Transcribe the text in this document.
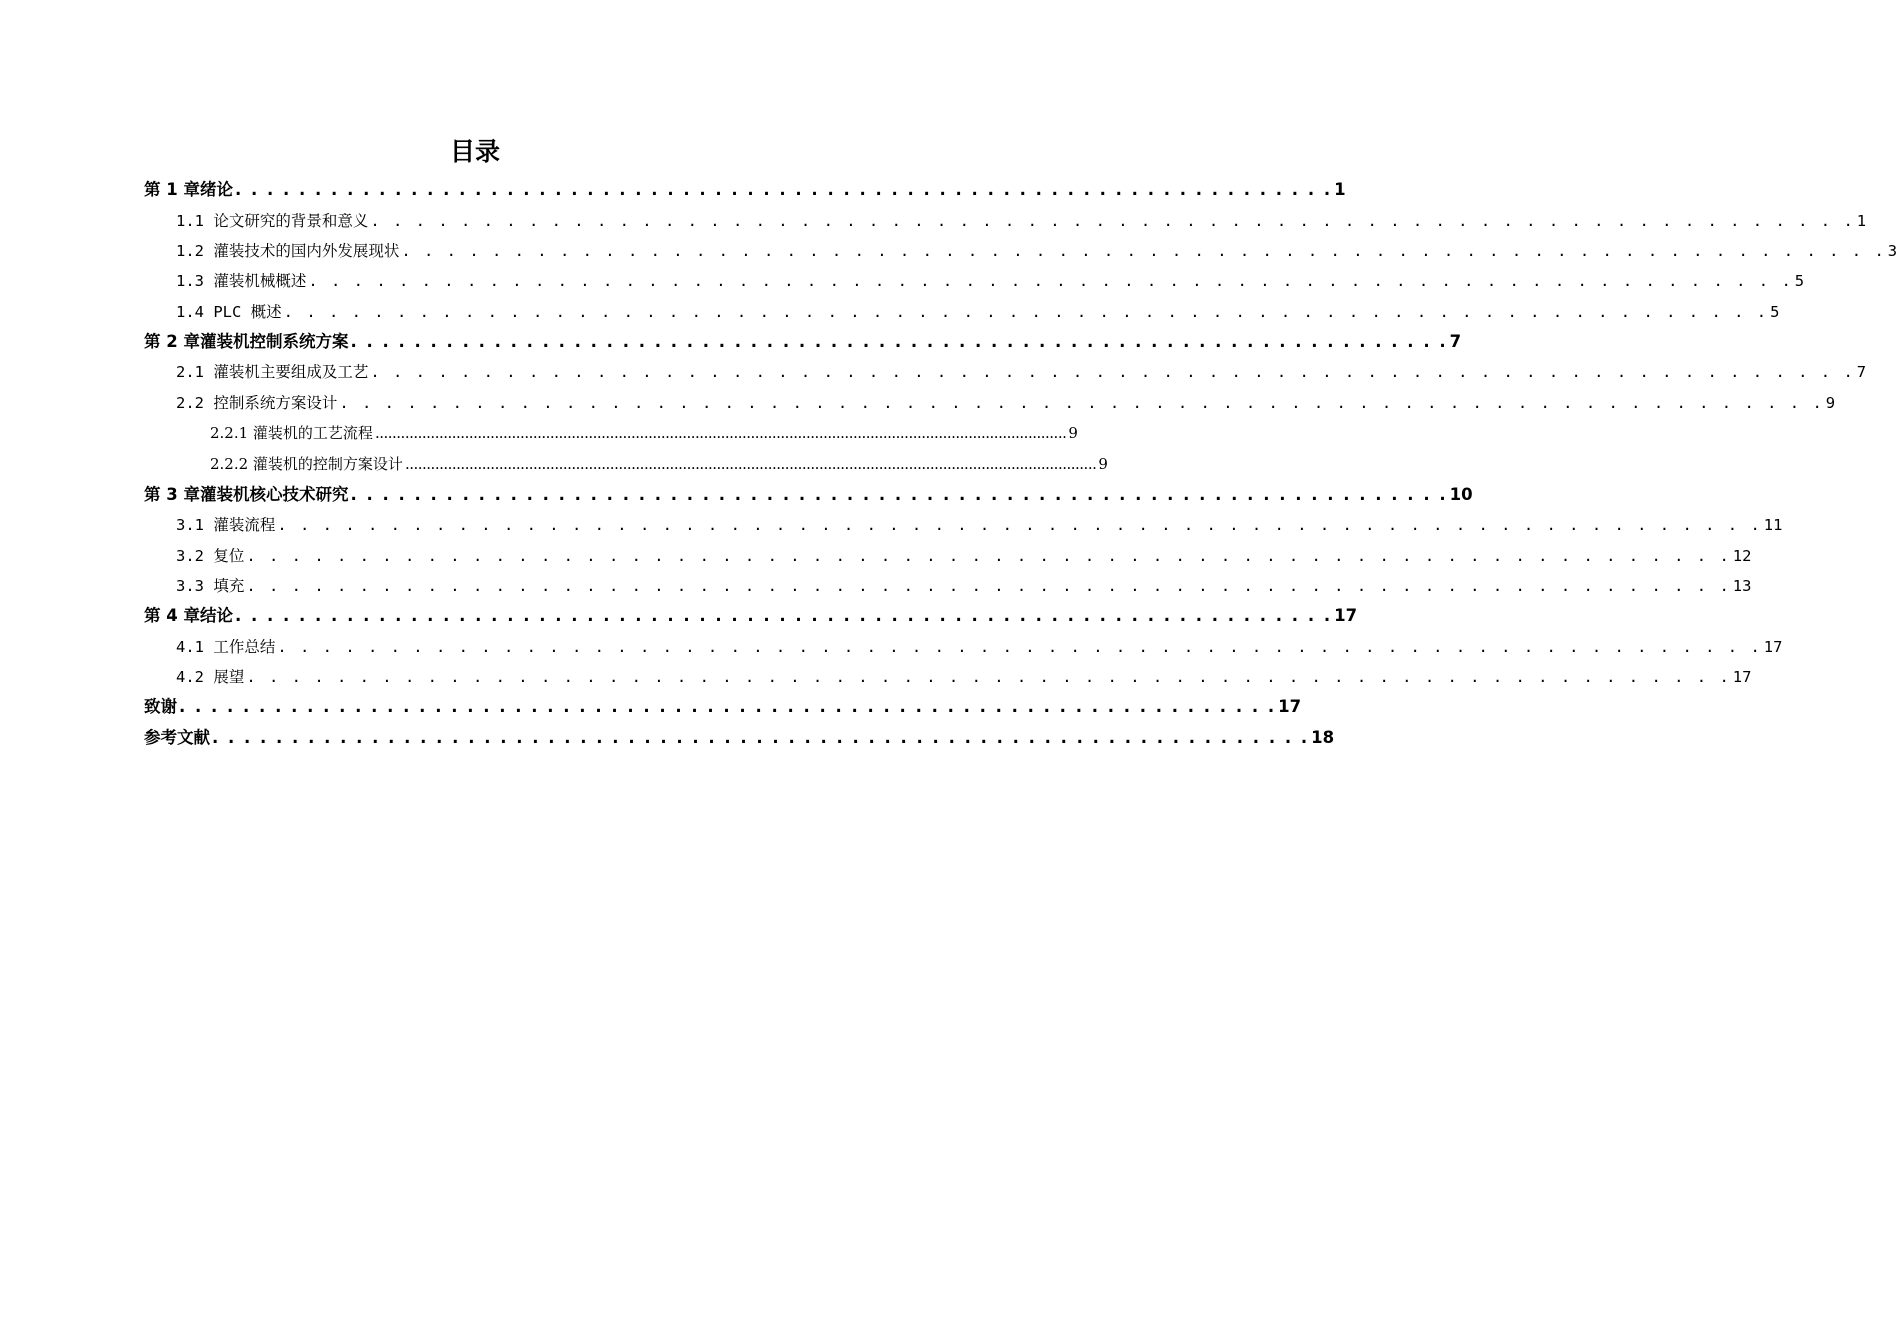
目录
第 1 章绪论 . . . . . . . . . . . . . . . . . . . . . . . . . . . . . . . . . . . . . . . . . . . . . . . . . . . . . . . . . . . . . . . . . . . . . 1
1.1 论文研究的背景和意义 . . . . . . . . . . . . . . . . . . . . . . . . . . . . . . . . . . . . . . . . . . . . . . . . . . . . . . . . . . . . . . . . . . 1
1.2 灌装技术的国内外发展现状 . . . . . . . . . . . . . . . . . . . . . . . . . . . . . . . . . . . . . . . . . . . . . . . . . . . . . . . . . . . . . . . . . . 3
1.3 灌装机械概述 . . . . . . . . . . . . . . . . . . . . . . . . . . . . . . . . . . . . . . . . . . . . . . . . . . . . . . . . . . . . . . . . . . 5
1.4 PLC 概述 . . . . . . . . . . . . . . . . . . . . . . . . . . . . . . . . . . . . . . . . . . . . . . . . . . . . . . . . . . . . . . . . . . 5
第 2 章灌装机控制系统方案 . . . . . . . . . . . . . . . . . . . . . . . . . . . . . . . . . . . . . . . . . . . . . . . . . . . . . . . . . . . . . . . . . . . . . 7
2.1 灌装机主要组成及工艺 . . . . . . . . . . . . . . . . . . . . . . . . . . . . . . . . . . . . . . . . . . . . . . . . . . . . . . . . . . . . . . . . . . 7
2.2 控制系统方案设计 . . . . . . . . . . . . . . . . . . . . . . . . . . . . . . . . . . . . . . . . . . . . . . . . . . . . . . . . . . . . . . . . . . 9
2.2.1 灌装机的工艺流程 .................................................................................................................................................................. 9
2.2.2 灌装机的控制方案设计 .................................................................................................................................................................. 9
第 3 章灌装机核心技术研究 . . . . . . . . . . . . . . . . . . . . . . . . . . . . . . . . . . . . . . . . . . . . . . . . . . . . . . . . . . . . . . . . . . . . . 10
3.1 灌装流程 . . . . . . . . . . . . . . . . . . . . . . . . . . . . . . . . . . . . . . . . . . . . . . . . . . . . . . . . . . . . . . . . . . 11
3.2 复位 . . . . . . . . . . . . . . . . . . . . . . . . . . . . . . . . . . . . . . . . . . . . . . . . . . . . . . . . . . . . . . . . . . 12
3.3 填充 . . . . . . . . . . . . . . . . . . . . . . . . . . . . . . . . . . . . . . . . . . . . . . . . . . . . . . . . . . . . . . . . . . 13
第 4 章结论 . . . . . . . . . . . . . . . . . . . . . . . . . . . . . . . . . . . . . . . . . . . . . . . . . . . . . . . . . . . . . . . . . . . . . 17
4.1 工作总结 . . . . . . . . . . . . . . . . . . . . . . . . . . . . . . . . . . . . . . . . . . . . . . . . . . . . . . . . . . . . . . . . . . 17
4.2 展望 . . . . . . . . . . . . . . . . . . . . . . . . . . . . . . . . . . . . . . . . . . . . . . . . . . . . . . . . . . . . . . . . . . 17
致谢 . . . . . . . . . . . . . . . . . . . . . . . . . . . . . . . . . . . . . . . . . . . . . . . . . . . . . . . . . . . . . . . . . . . . . 17
参考文献 . . . . . . . . . . . . . . . . . . . . . . . . . . . . . . . . . . . . . . . . . . . . . . . . . . . . . . . . . . . . . . . . . . . . . 18
